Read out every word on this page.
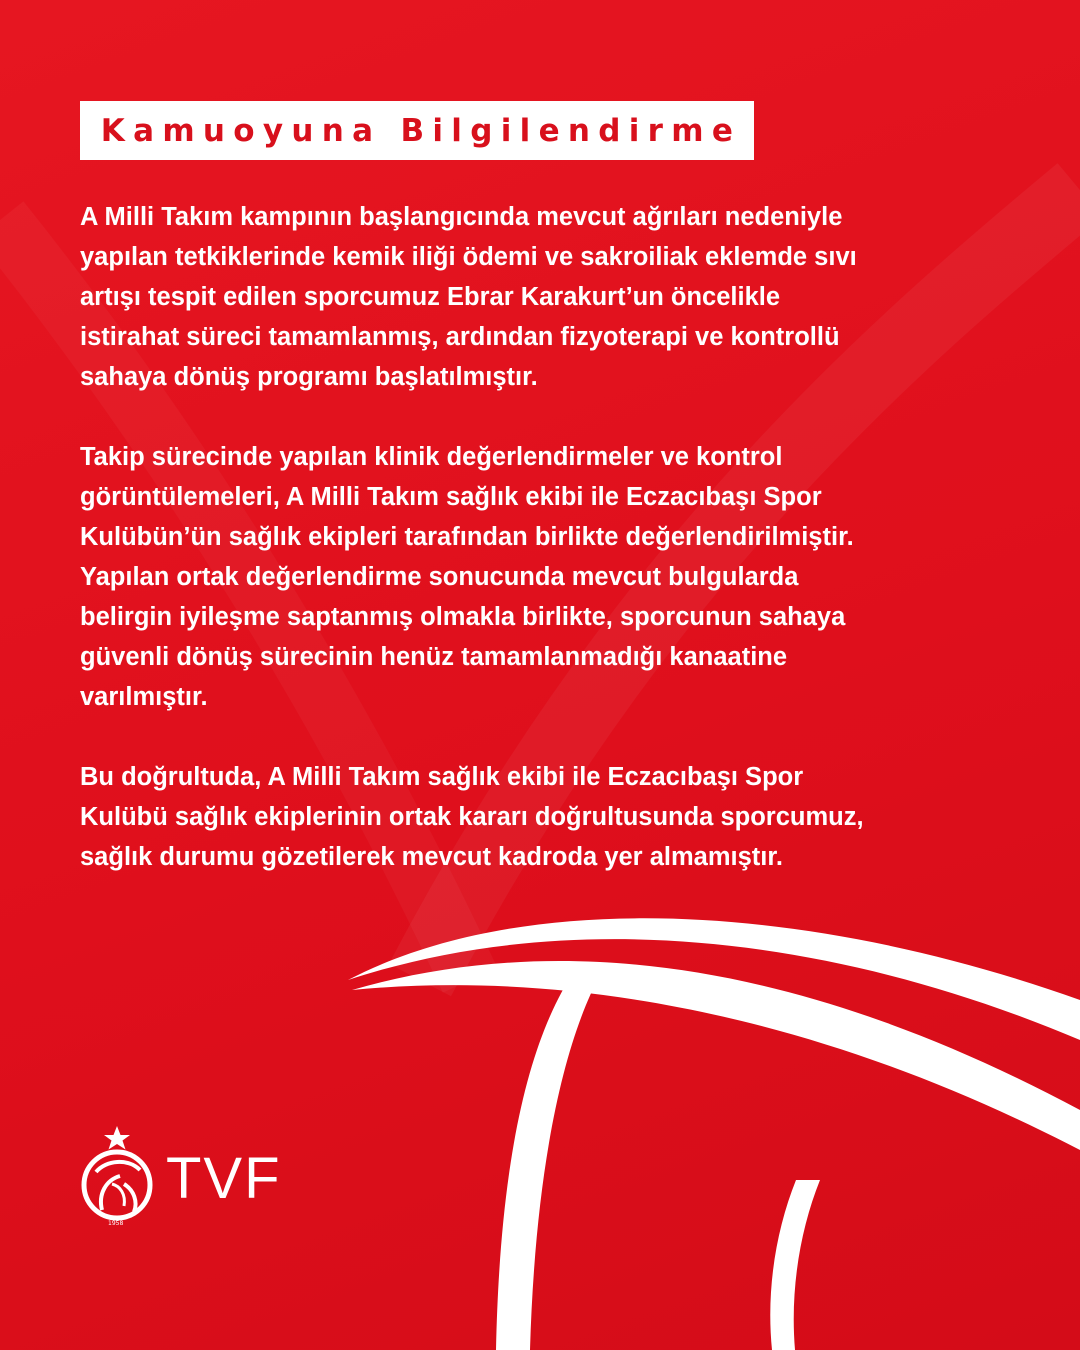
Kamuoyuna Bilgilendirme

A Milli Takım kampının başlangıcında mevcut ağrıları nedeniyle
yapılan tetkiklerinde kemik iliği ödemi ve sakroiliak eklemde sıvı
artışı tespit edilen sporcumuz Ebrar Karakurt’un öncelikle
istirahat süreci tamamlanmış, ardından fizyoterapi ve kontrollü
sahaya dönüş programı başlatılmıştır.

Takip sürecinde yapılan klinik değerlendirmeler ve kontrol
görüntülemeleri, A Milli Takım sağlık ekibi ile Eczacıbaşı Spor
Kulübün’ün sağlık ekipleri tarafından birlikte değerlendirilmiştir.
Yapılan ortak değerlendirme sonucunda mevcut bulgularda
belirgin iyileşme saptanmış olmakla birlikte, sporcunun sahaya
güvenli dönüş sürecinin henüz tamamlanmadığı kanaatine
varılmıştır.

Bu doğrultuda, A Milli Takım sağlık ekibi ile Eczacıbaşı Spor
Kulübü sağlık ekiplerinin ortak kararı doğrultusunda sporcumuz,
sağlık durumu gözetilerek mevcut kadroda yer almamıştır.

1958
TVF
